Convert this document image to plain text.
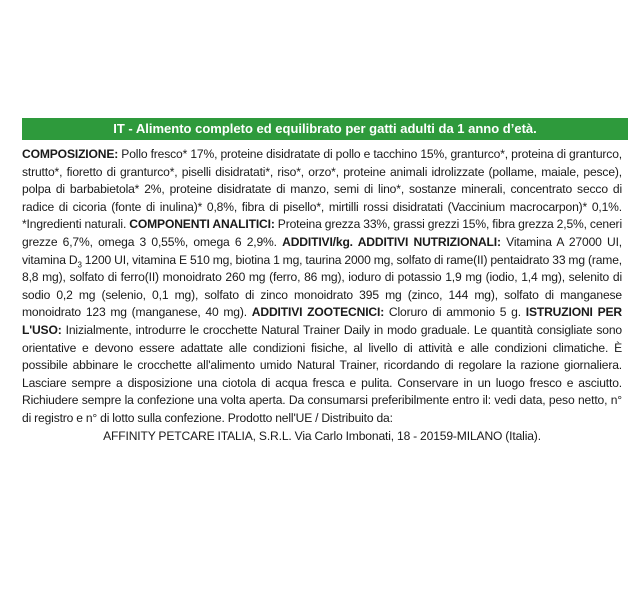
IT - Alimento completo ed equilibrato per gatti adulti da 1 anno d’età.
COMPOSIZIONE: Pollo fresco* 17%, proteine disidratate di pollo e tacchino 15%, granturco*, proteina di granturco, strutto*, fioretto di granturco*, piselli disidratati*, riso*, orzo*, proteine animali idrolizzate (pollame, maiale, pesce), polpa di barbabietola* 2%, proteine disidratate di manzo, semi di lino*, sostanze minerali, concentrato secco di radice di cicoria (fonte di inulina)* 0,8%, fibra di pisello*, mirtilli rossi disidratati (Vaccinium macrocarpon)* 0,1%. *Ingredienti naturali. COMPONENTI ANALITICI: Proteina grezza 33%, grassi grezzi 15%, fibra grezza 2,5%, ceneri grezze 6,7%, omega 3 0,55%, omega 6 2,9%. ADDITIVI/kg. ADDITIVI NUTRIZIONALI: Vitamina A 27000 UI, vitamina $D_3$ 1200 UI, vitamina E 510 mg, biotina 1 mg, taurina 2000 mg, solfato di rame(II) pentaidrato 33 mg (rame, 8,8 mg), solfato di ferro(II) monoidrato 260 mg (ferro, 86 mg), ioduro di potassio 1,9 mg (iodio, 1,4 mg), selenito di sodio 0,2 mg (selenio, 0,1 mg), solfato di zinco monoidrato 395 mg (zinco, 144 mg), solfato di manganese monoidrato 123 mg (manganese, 40 mg). ADDITIVI ZOOTECNICI: Cloruro di ammonio 5 g. ISTRUZIONI PER L'USO: Inizialmente, introdurre le crocchette Natural Trainer Daily in modo graduale. Le quantità consigliate sono orientative e devono essere adattate alle condizioni fisiche, al livello di attività e alle condizioni climatiche. È possibile abbinare le crocchette all'alimento umido Natural Trainer, ricordando di regolare la razione giornaliera. Lasciare sempre a disposizione una ciotola di acqua fresca e pulita. Conservare in un luogo fresco e asciutto. Richiudere sempre la confezione una volta aperta. Da consumarsi preferibilmente entro il: vedi data, peso netto, n° di registro e n° di lotto sulla confezione. Prodotto nell'UE / Distribuito da:
AFFINITY PETCARE ITALIA, S.R.L. Via Carlo Imbonati, 18 - 20159-MILANO (Italia).
